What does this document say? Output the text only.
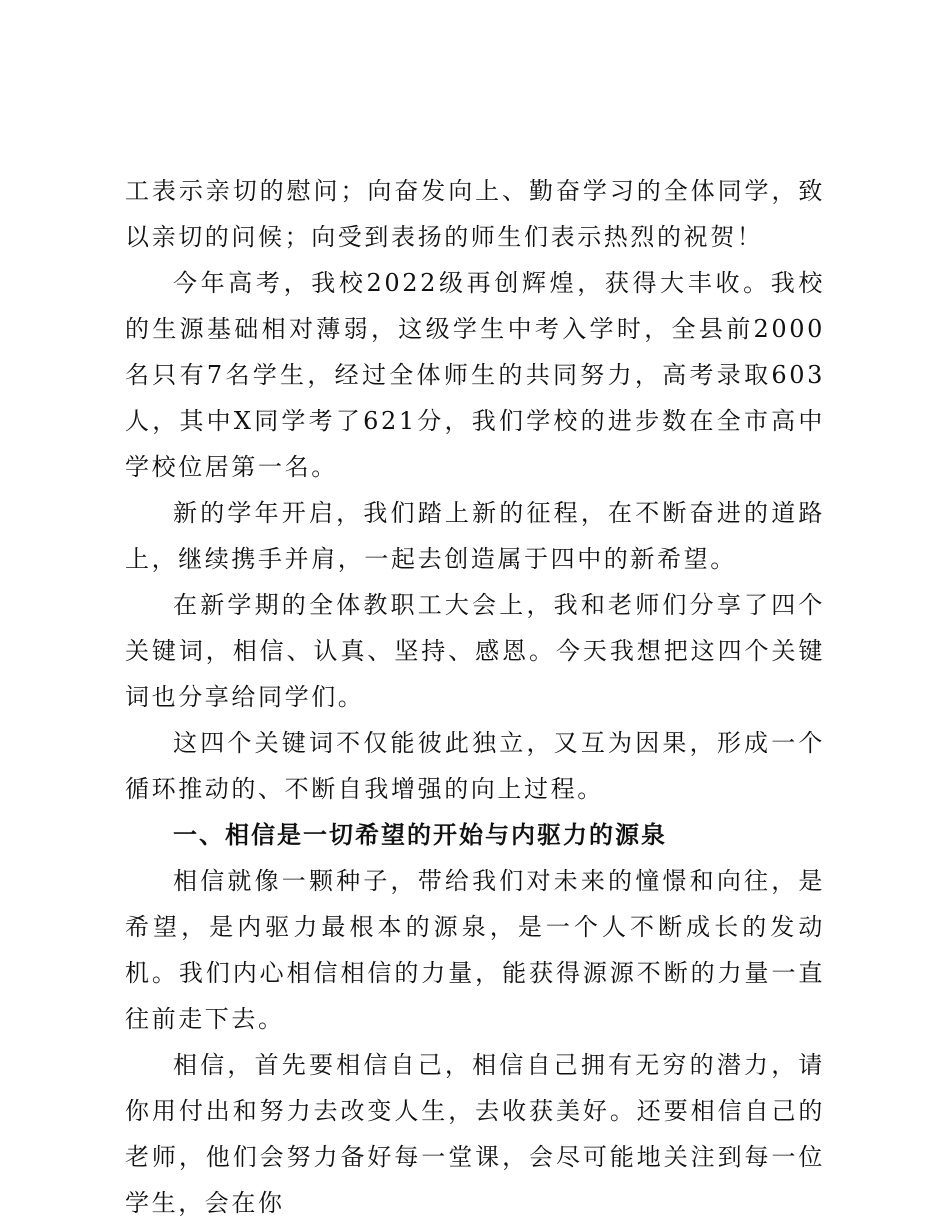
工表示亲切的慰问；向奋发向上、勤奋学习的全体同学，致以亲切的问候；向受到表扬的师生们表示热烈的祝贺！

今年高考，我校2022级再创辉煌，获得大丰收。我校的生源基础相对薄弱，这级学生中考入学时，全县前2000名只有7名学生，经过全体师生的共同努力，高考录取603人，其中X同学考了621分，我们学校的进步数在全市高中学校位居第一名。

新的学年开启，我们踏上新的征程，在不断奋进的道路上，继续携手并肩，一起去创造属于四中的新希望。

在新学期的全体教职工大会上，我和老师们分享了四个关键词，相信、认真、坚持、感恩。今天我想把这四个关键词也分享给同学们。

这四个关键词不仅能彼此独立，又互为因果，形成一个循环推动的、不断自我增强的向上过程。

一、相信是一切希望的开始与内驱力的源泉

相信就像一颗种子，带给我们对未来的憧憬和向往，是希望，是内驱力最根本的源泉，是一个人不断成长的发动机。我们内心相信相信的力量，能获得源源不断的力量一直往前走下去。

相信，首先要相信自己，相信自己拥有无穷的潜力，请你用付出和努力去改变人生，去收获美好。还要相信自己的老师，他们会努力备好每一堂课，会尽可能地关注到每一位学生，会在你
